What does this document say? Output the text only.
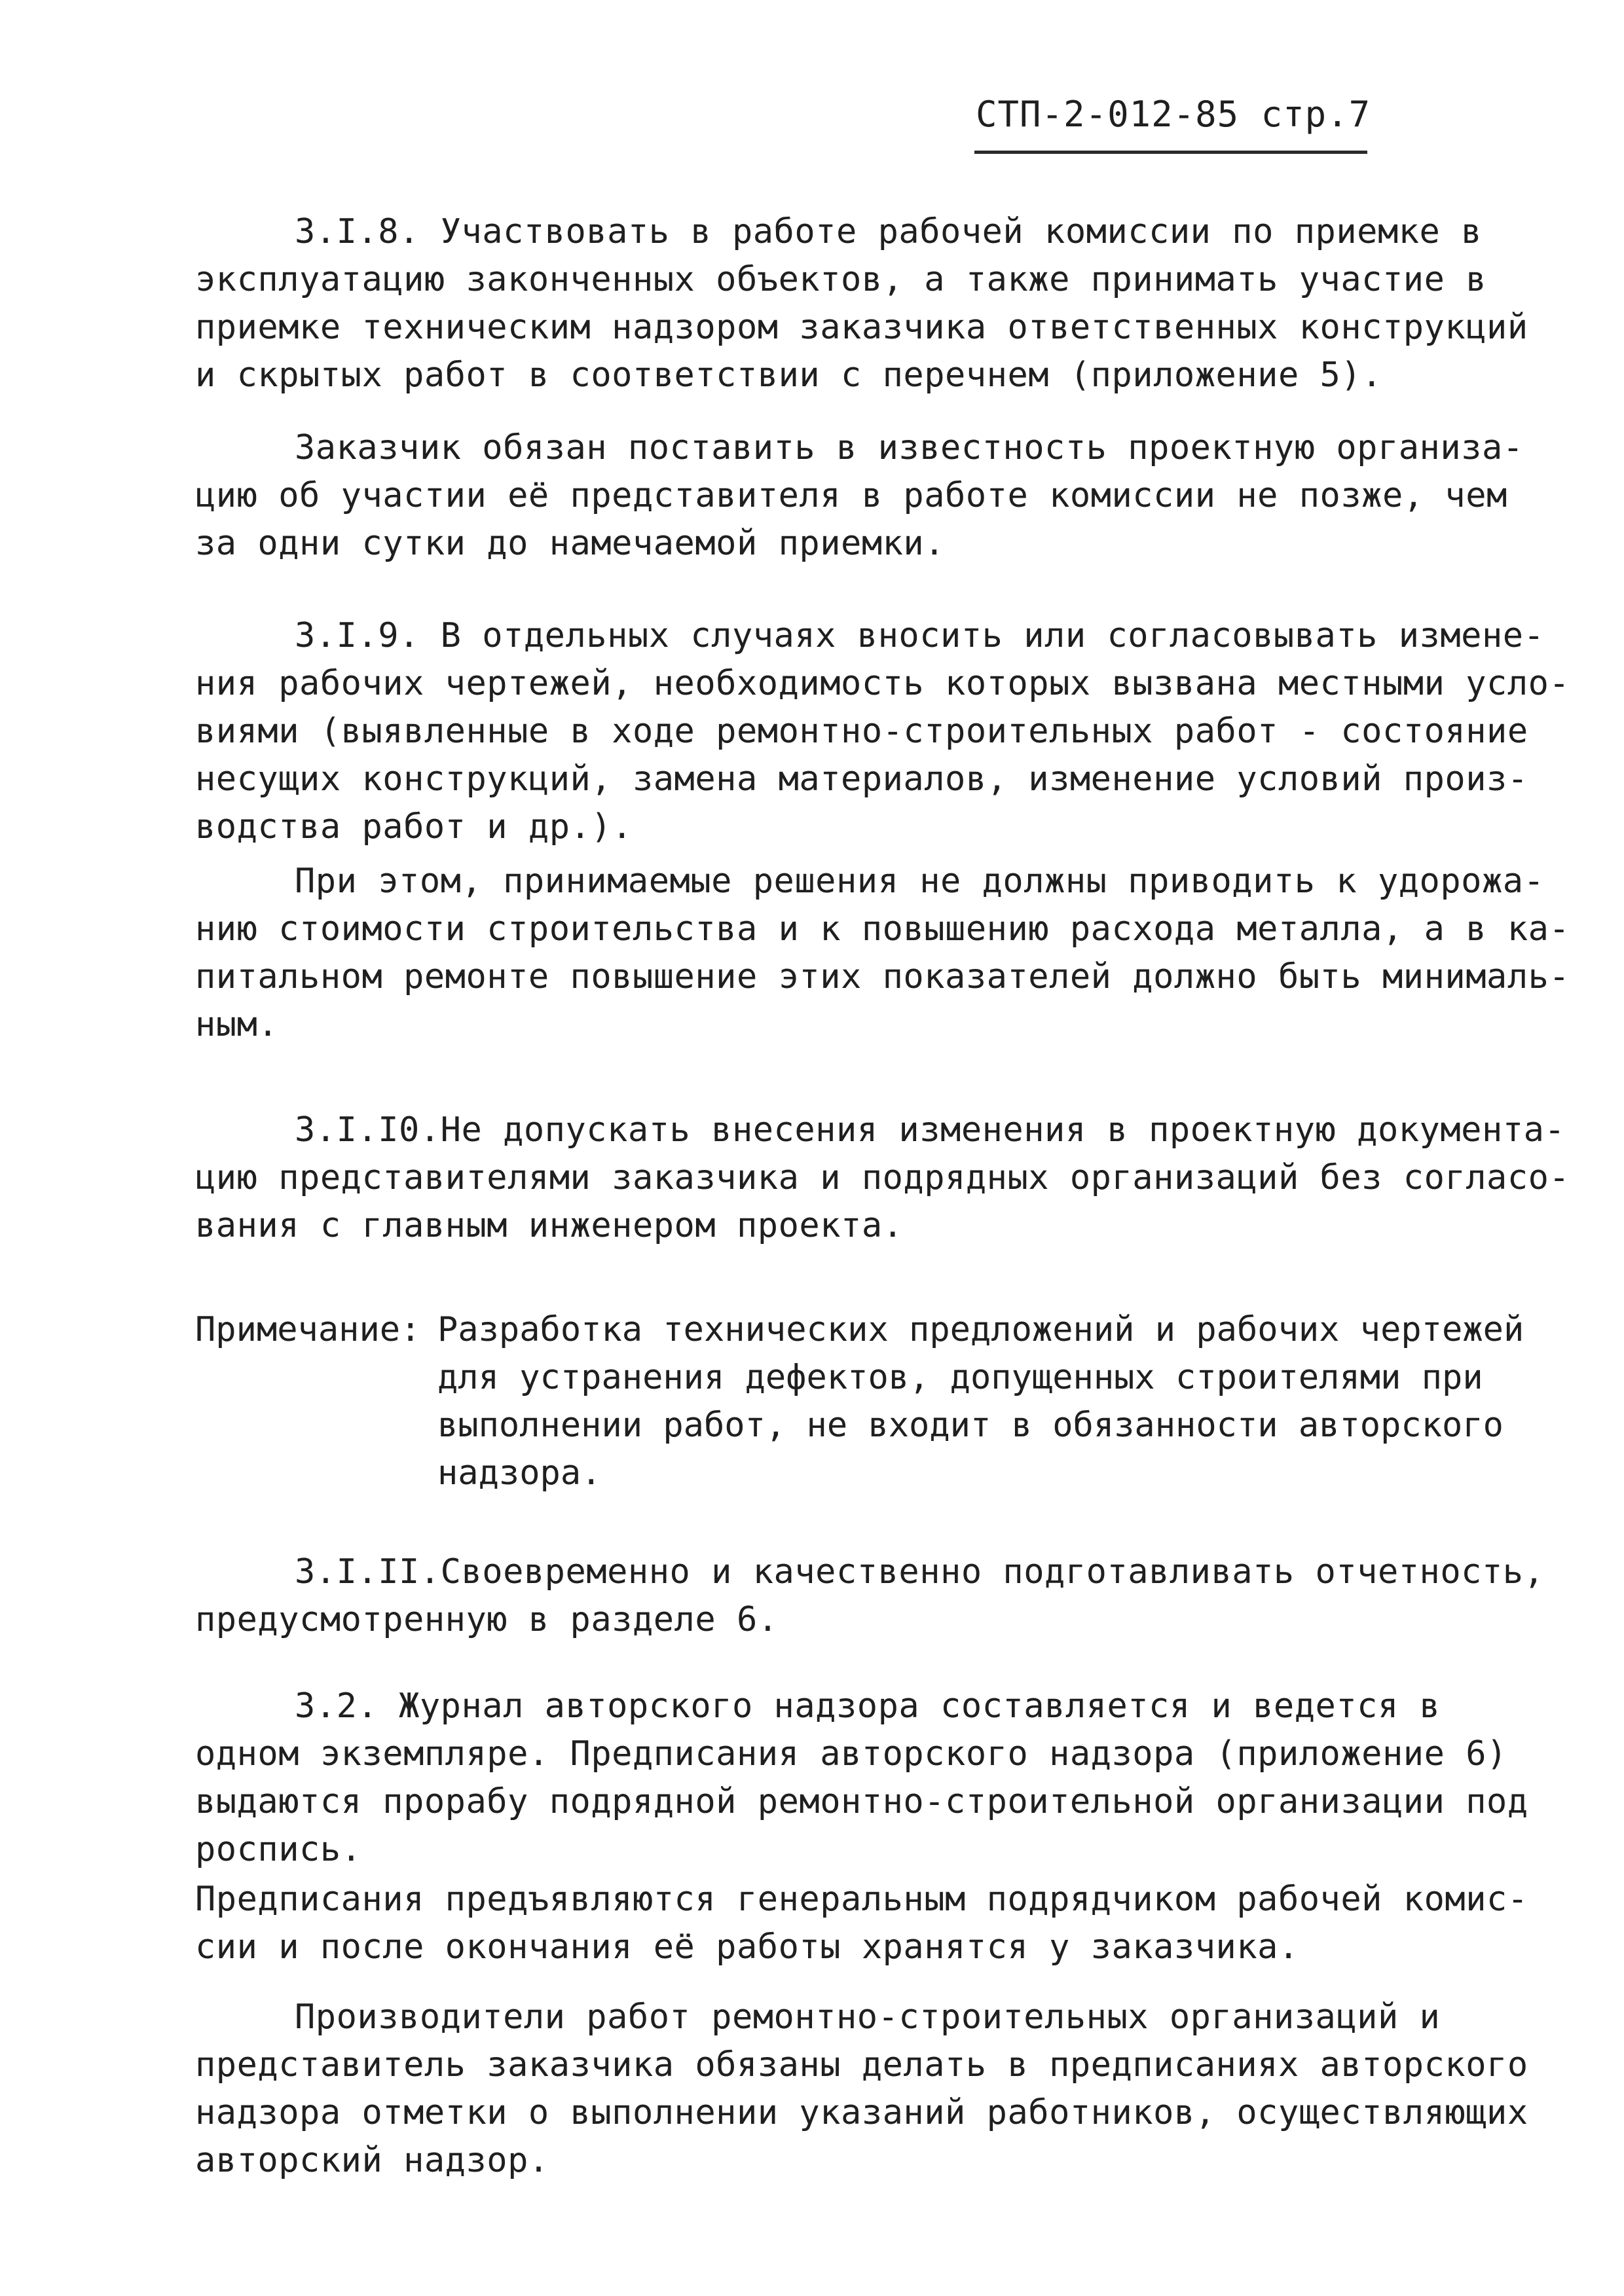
СТП-2-012-85 стр.7
3.I.8. Участвовать в работе рабочей комиссии по приемке в
эксплуатацию законченных объектов, а также принимать участие в
приемке техническим надзором заказчика ответственных конструкций
и скрытых работ в соответствии с перечнем (приложение 5).
Заказчик обязан поставить в известность проектную организа-
цию об участии её представителя в работе комиссии не позже, чем
за одни сутки до намечаемой приемки.
3.I.9. В отдельных случаях вносить или согласовывать измене-
ния рабочих чертежей, необходимость которых вызвана местными усло-
виями (выявленные в ходе ремонтно-строительных работ - состояние
несущих конструкций, замена материалов, изменение условий произ-
водства работ и др.).
При этом, принимаемые решения не должны приводить к удорожа-
нию стоимости строительства и к повышению расхода металла, а в ка-
питальном ремонте повышение этих показателей должно быть минималь-
ным.
3.I.I0.Не допускать внесения изменения в проектную документа-
цию представителями заказчика и подрядных организаций без согласо-
вания с главным инженером проекта.
Примечание: Разработка технических предложений и рабочих чертежей
для устранения дефектов, допущенных строителями при
выполнении работ, не входит в обязанности авторского
надзора.
3.I.II.Своевременно и качественно подготавливать отчетность,
предусмотренную в разделе 6.
3.2. Журнал авторского надзора составляется и ведется в
одном экземпляре. Предписания авторского надзора (приложение 6)
выдаются прорабу подрядной ремонтно-строительной организации под
роспись.
Предписания предъявляются генеральным подрядчиком рабочей комис-
сии и после окончания её работы хранятся у заказчика.
Производители работ ремонтно-строительных организаций и
представитель заказчика обязаны делать в предписаниях авторского
надзора отметки о выполнении указаний работников, осуществляющих
авторский надзор.
